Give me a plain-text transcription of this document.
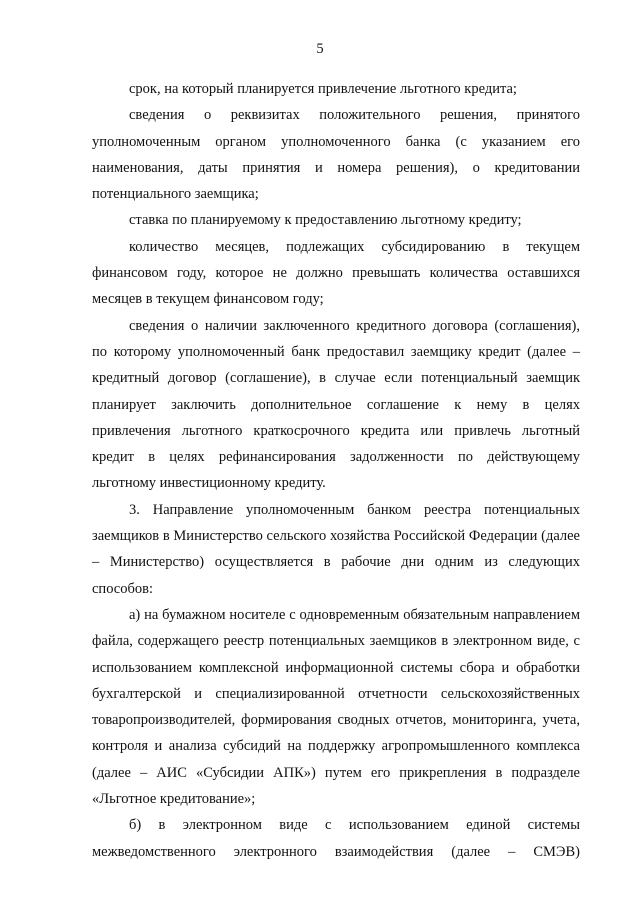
5

срок, на который планируется привлечение льготного кредита;

сведения о реквизитах положительного решения, принятого уполномоченным органом уполномоченного банка (с указанием его наименования, даты принятия и номера решения), о кредитовании потенциального заемщика;

ставка по планируемому к предоставлению льготному кредиту;

количество месяцев, подлежащих субсидированию в текущем финансовом году, которое не должно превышать количества оставшихся месяцев в текущем финансовом году;

сведения о наличии заключенного кредитного договора (соглашения), по которому уполномоченный банк предоставил заемщику кредит (далее – кредитный договор (соглашение), в случае если потенциальный заемщик планирует заключить дополнительное соглашение к нему в целях привлечения льготного краткосрочного кредита или привлечь льготный кредит в целях рефинансирования задолженности по действующему льготному инвестиционному кредиту.

3. Направление уполномоченным банком реестра потенциальных заемщиков в Министерство сельского хозяйства Российской Федерации (далее – Министерство) осуществляется в рабочие дни одним из следующих способов:

а) на бумажном носителе с одновременным обязательным направлением файла, содержащего реестр потенциальных заемщиков в электронном виде, с использованием комплексной информационной системы сбора и обработки бухгалтерской и специализированной отчетности сельскохозяйственных товаропроизводителей, формирования сводных отчетов, мониторинга, учета, контроля и анализа субсидий на поддержку агропромышленного комплекса (далее – АИС «Субсидии АПК») путем его прикрепления в подразделе «Льготное кредитование»;

б) в электронном виде с использованием единой системы межведомственного электронного взаимодействия (далее – СМЭВ)
